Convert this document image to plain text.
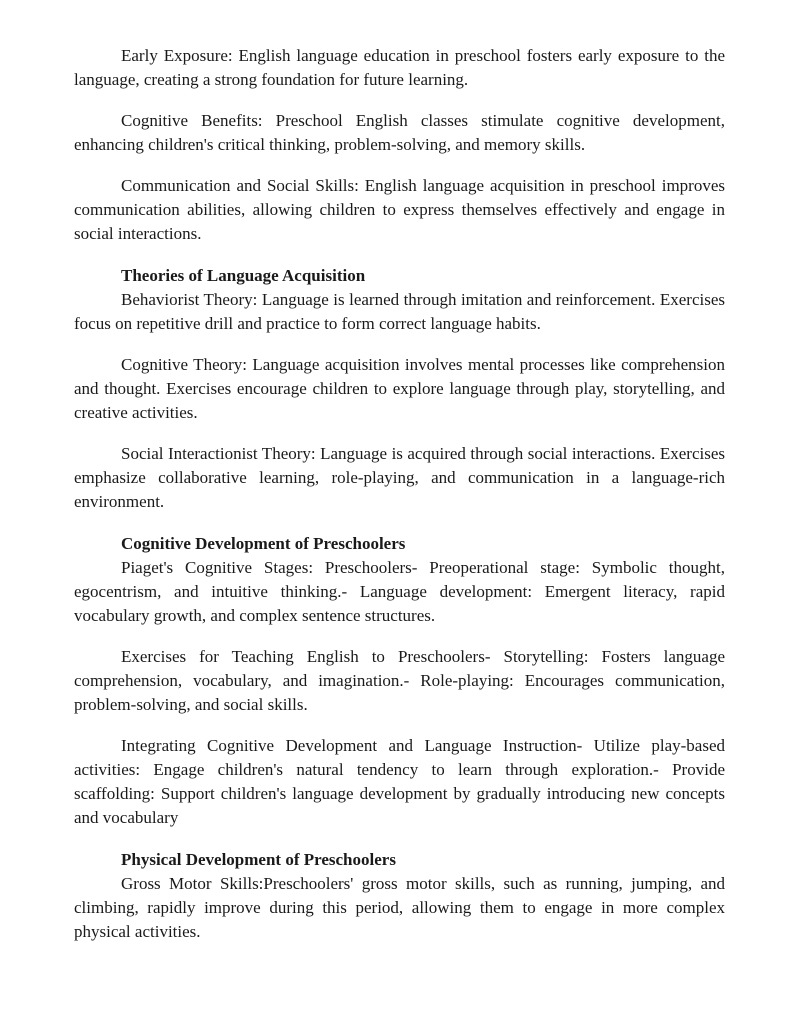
Early Exposure: English language education in preschool fosters early exposure to the language, creating a strong foundation for future learning.

Cognitive Benefits: Preschool English classes stimulate cognitive development, enhancing children's critical thinking, problem-solving, and memory skills.

Communication and Social Skills: English language acquisition in preschool improves communication abilities, allowing children to express themselves effectively and engage in social interactions.

Theories of Language Acquisition

Behaviorist Theory: Language is learned through imitation and reinforcement. Exercises focus on repetitive drill and practice to form correct language habits.

Cognitive Theory: Language acquisition involves mental processes like comprehension and thought. Exercises encourage children to explore language through play, storytelling, and creative activities.

Social Interactionist Theory: Language is acquired through social interactions. Exercises emphasize collaborative learning, role-playing, and communication in a language-rich environment.

Cognitive Development of Preschoolers

Piaget's Cognitive Stages: Preschoolers- Preoperational stage: Symbolic thought, egocentrism, and intuitive thinking.- Language development: Emergent literacy, rapid vocabulary growth, and complex sentence structures.

Exercises for Teaching English to Preschoolers- Storytelling: Fosters language comprehension, vocabulary, and imagination.- Role-playing: Encourages communication, problem-solving, and social skills.

Integrating Cognitive Development and Language Instruction- Utilize play-based activities: Engage children's natural tendency to learn through exploration.- Provide scaffolding: Support children's language development by gradually introducing new concepts and vocabulary

Physical Development of Preschoolers

Gross Motor Skills:Preschoolers' gross motor skills, such as running, jumping, and climbing, rapidly improve during this period, allowing them to engage in more complex physical activities.
